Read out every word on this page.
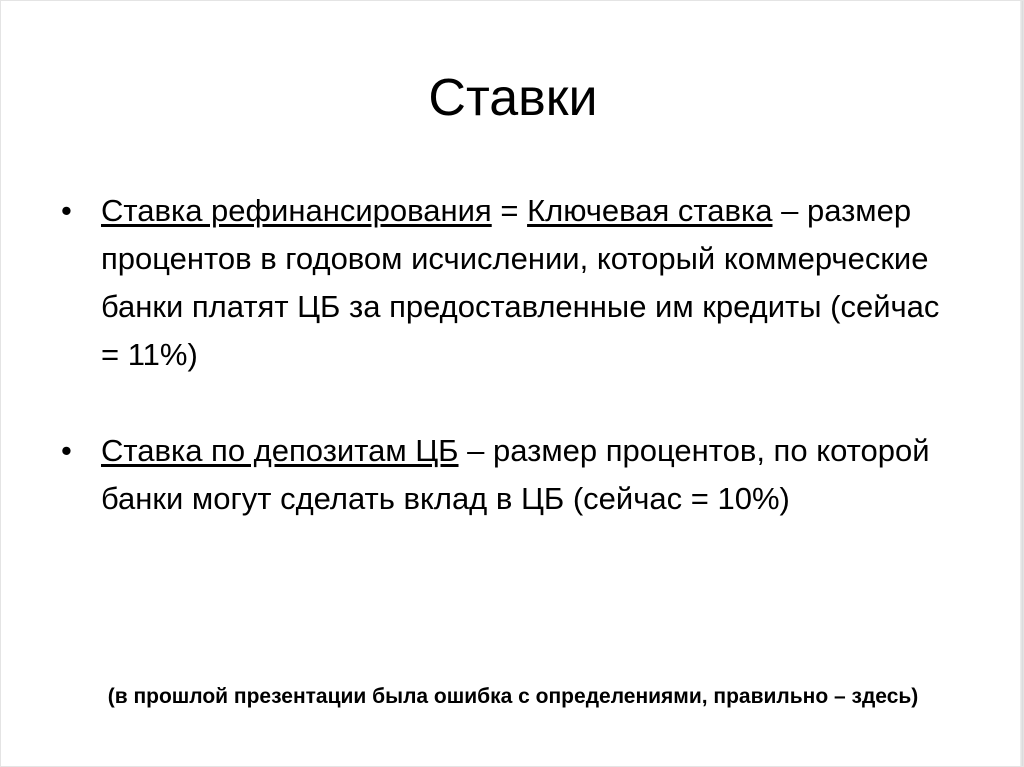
Ставки
• Ставка рефинансирования = Ключевая ставка – размер процентов в годовом исчислении, который коммерческие банки платят ЦБ за предоставленные им кредиты (сейчас = 11%)
• Ставка по депозитам ЦБ – размер процентов, по которой банки могут сделать вклад в ЦБ (сейчас = 10%)
(в прошлой презентации была ошибка с определениями, правильно – здесь)
